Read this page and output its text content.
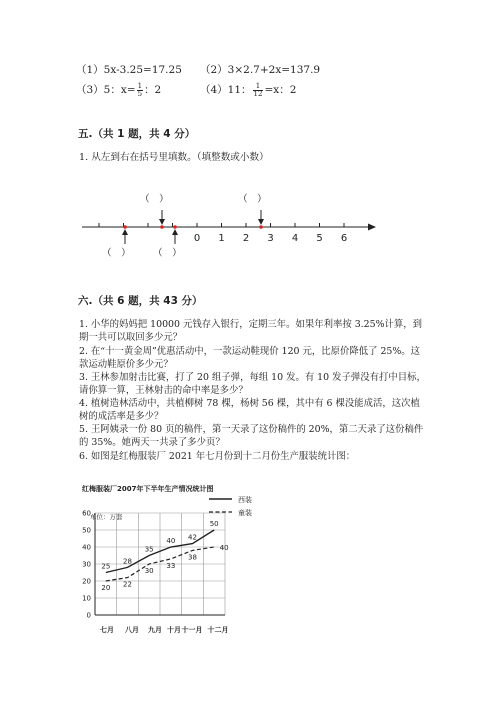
（1）5x-3.25=17.25 （2）3×2.7+2x=137.9
（3）5：$x= \frac{1}{5}$ ：2	（4）11： $\frac{1}{12} =x$：2
五.（共 1 题，共 4 分）
1. 从左到右在括号里填数。（填整数或小数）
（　）	（　）
（　） （　）
0 1 2 3 4 5 6
六.（共 6 题，共 43 分）
1. 小华的妈妈把 10000 元钱存入银行，定期三年。如果年利率按 3.25%计算，到期一共可以取回多少元？
2. 在“十一黄金周”优惠活动中，一款运动鞋现价 120 元，比原价降低了 25%。这款运动鞋原价多少元？
3. 王林参加射击比赛，打了 20 组子弹，每组 10 发。有 10 发子弹没有打中目标，请你算一算，王林射击的命中率是多少？
4. 植树造林活动中，共植柳树 78 棵，杨树 56 棵，其中有 6 棵没能成活，这次植树的成活率是多少？
5. 王阿姨录一份 80 页的稿件，第一天录了这份稿件的 20%，第二天录了这份稿件的 35%。她两天一共录了多少页？
6. 如图是红梅服装厂 2021 年七月份到十二月份生产服装统计图：
红梅服装厂2007年下半年生产情况统计图
单位：万套
0
10
20
30
40
50
60
七月 八月 九月 十月 十一月 十二月
25
28
35
40 42
50
20 22
30
33
38
40
西装
童装
